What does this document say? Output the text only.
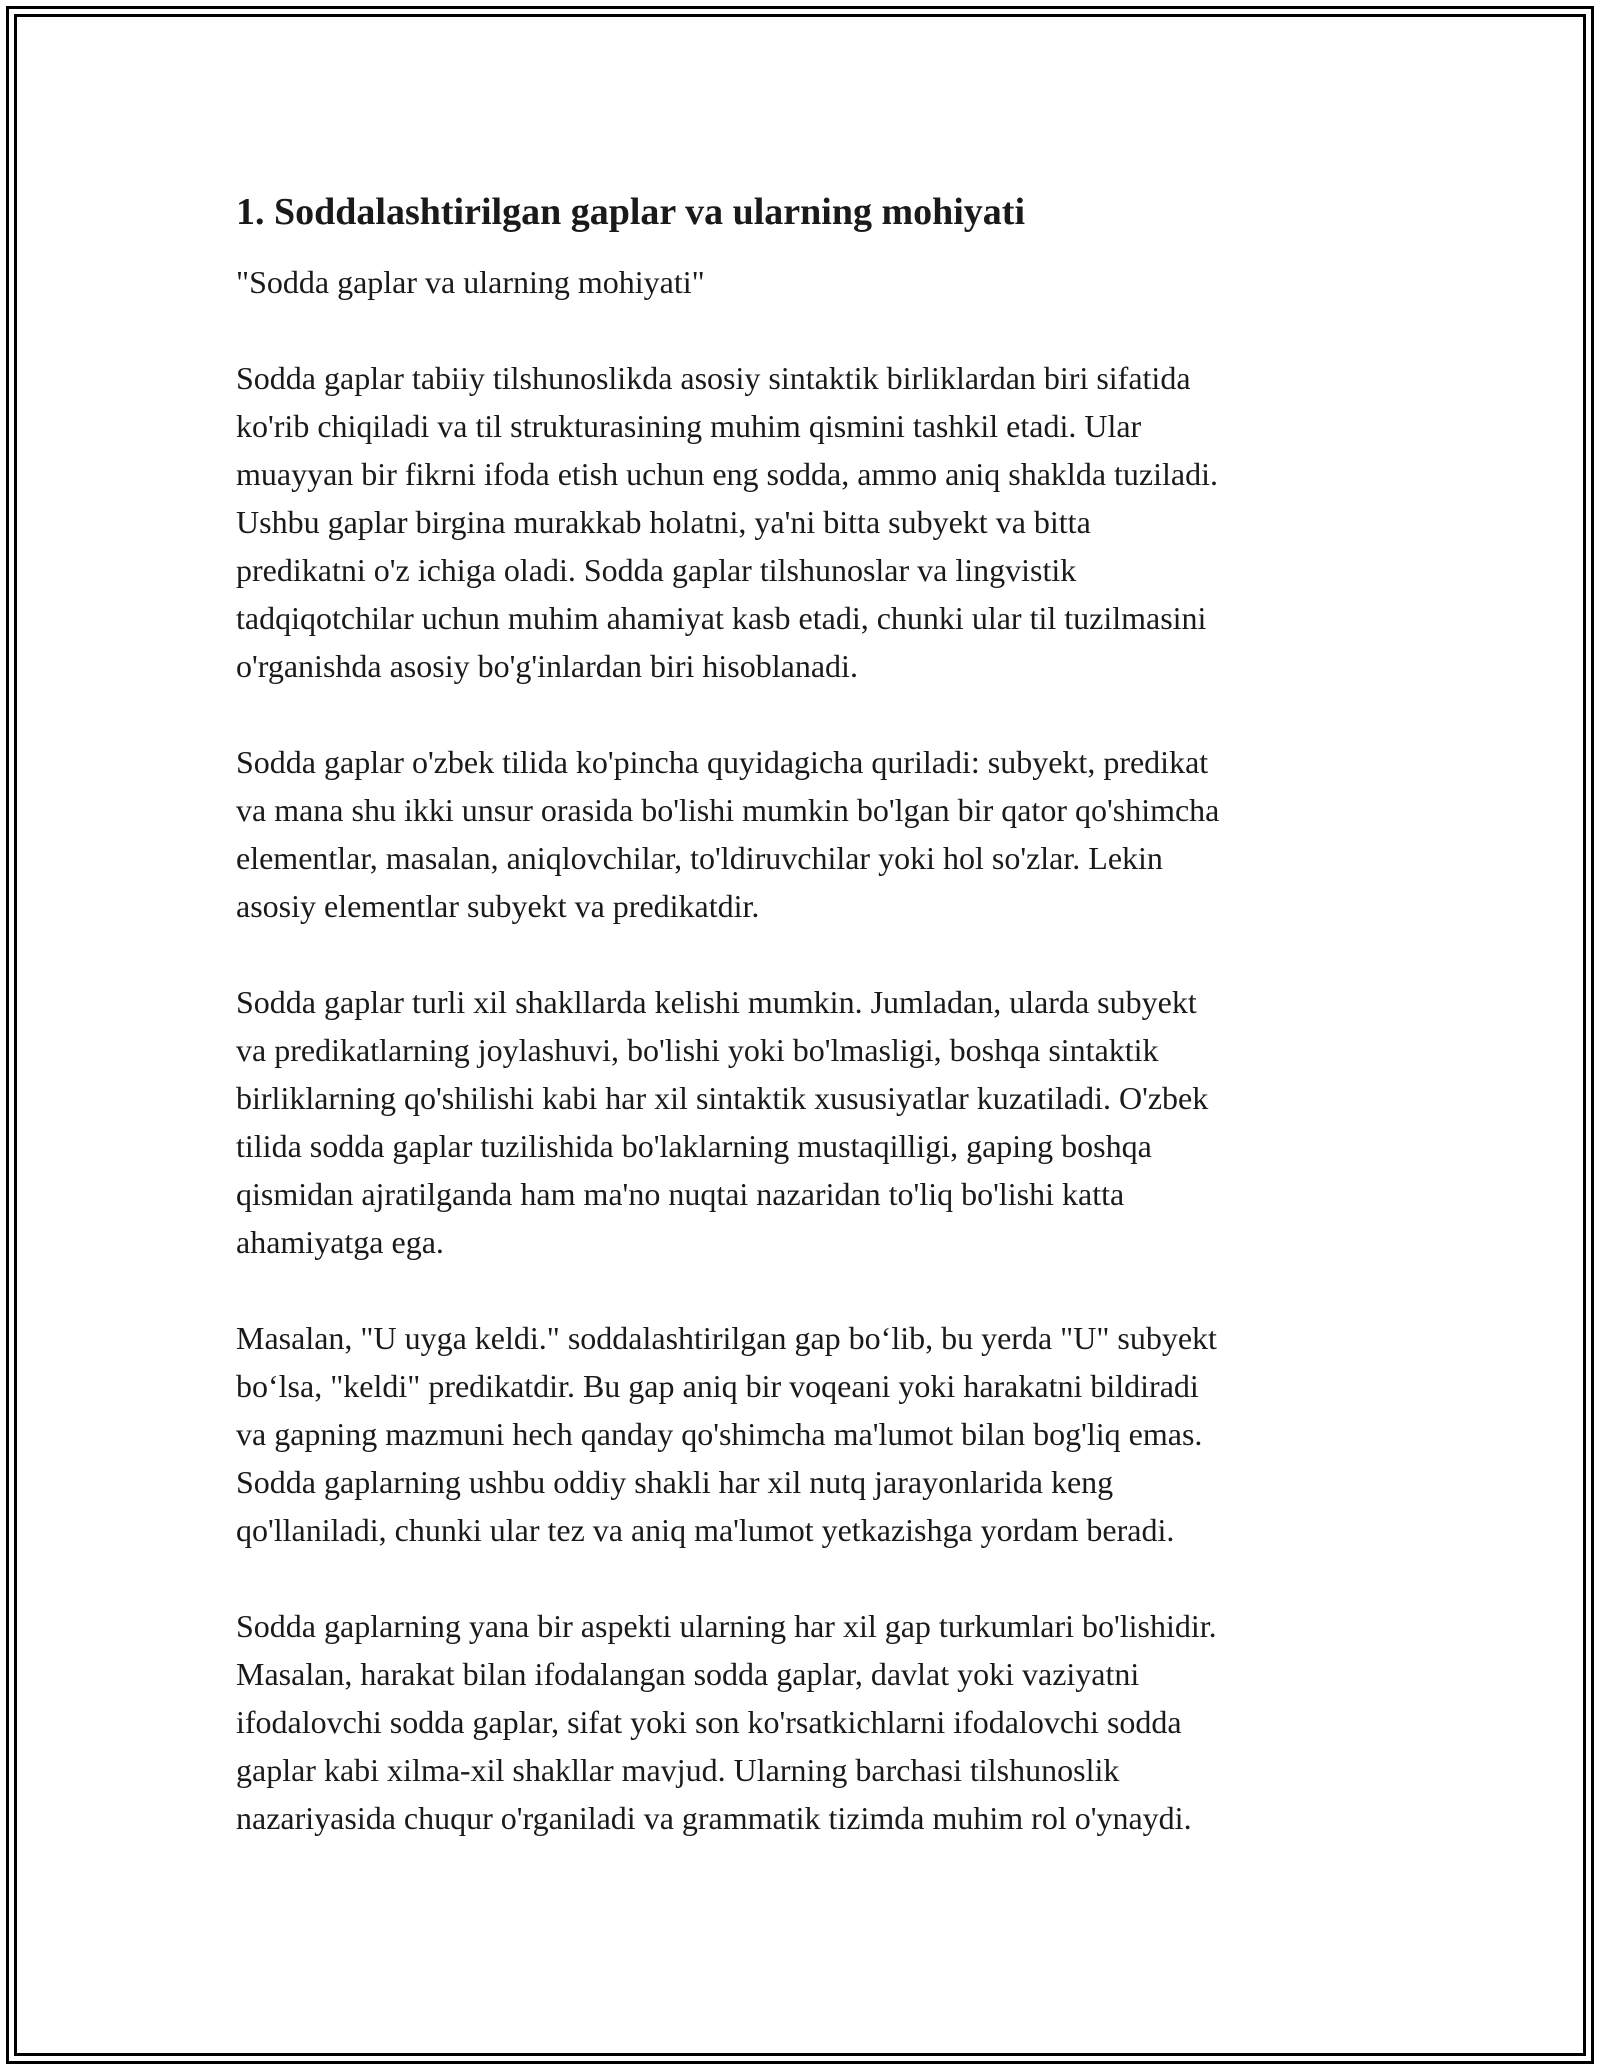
1. Soddalashtirilgan gaplar va ularning mohiyati
"Sodda gaplar va ularning mohiyati"
Sodda gaplar tabiiy tilshunoslikda asosiy sintaktik birliklardan biri sifatida
ko'rib chiqiladi va til strukturasining muhim qismini tashkil etadi. Ular
muayyan bir fikrni ifoda etish uchun eng sodda, ammo aniq shaklda tuziladi.
Ushbu gaplar birgina murakkab holatni, ya'ni bitta subyekt va bitta
predikatni o'z ichiga oladi. Sodda gaplar tilshunoslar va lingvistik
tadqiqotchilar uchun muhim ahamiyat kasb etadi, chunki ular til tuzilmasini
o'rganishda asosiy bo'g'inlardan biri hisoblanadi.
Sodda gaplar o'zbek tilida ko'pincha quyidagicha quriladi: subyekt, predikat
va mana shu ikki unsur orasida bo'lishi mumkin bo'lgan bir qator qo'shimcha
elementlar, masalan, aniqlovchilar, to'ldiruvchilar yoki hol so'zlar. Lekin
asosiy elementlar subyekt va predikatdir.
Sodda gaplar turli xil shakllarda kelishi mumkin. Jumladan, ularda subyekt
va predikatlarning joylashuvi, bo'lishi yoki bo'lmasligi, boshqa sintaktik
birliklarning qo'shilishi kabi har xil sintaktik xususiyatlar kuzatiladi. O'zbek
tilida sodda gaplar tuzilishida bo'laklarning mustaqilligi, gaping boshqa
qismidan ajratilganda ham ma'no nuqtai nazaridan to'liq bo'lishi katta
ahamiyatga ega.
Masalan, "U uyga keldi." soddalashtirilgan gap bo‘lib, bu yerda "U" subyekt
bo‘lsa, "keldi" predikatdir. Bu gap aniq bir voqeani yoki harakatni bildiradi
va gapning mazmuni hech qanday qo'shimcha ma'lumot bilan bog'liq emas.
Sodda gaplarning ushbu oddiy shakli har xil nutq jarayonlarida keng
qo'llaniladi, chunki ular tez va aniq ma'lumot yetkazishga yordam beradi.
Sodda gaplarning yana bir aspekti ularning har xil gap turkumlari bo'lishidir.
Masalan, harakat bilan ifodalangan sodda gaplar, davlat yoki vaziyatni
ifodalovchi sodda gaplar, sifat yoki son ko'rsatkichlarni ifodalovchi sodda
gaplar kabi xilma-xil shakllar mavjud. Ularning barchasi tilshunoslik
nazariyasida chuqur o'rganiladi va grammatik tizimda muhim rol o'ynaydi.
